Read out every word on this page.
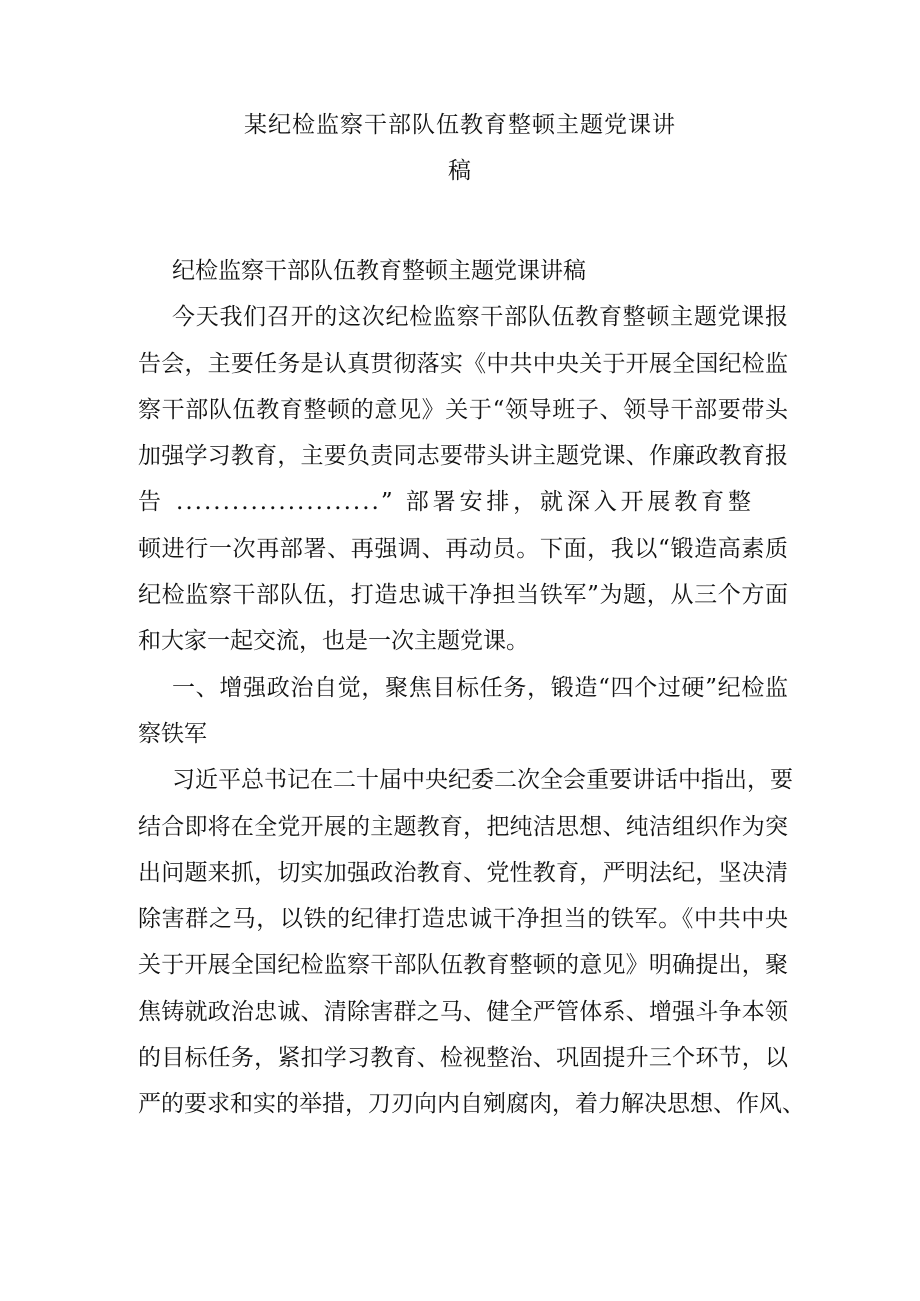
某纪检监察干部队伍教育整顿主题党课讲
稿
纪检监察干部队伍教育整顿主题党课讲稿
今天我们召开的这次纪检监察干部队伍教育整顿主题党课报
告会，主要任务是认真贯彻落实《中共中央关于开展全国纪检监
察干部队伍教育整顿的意见》关于“领导班子、领导干部要带头
加强学习教育，主要负责同志要带头讲主题党课、作廉政教育报
告 ......................” 部署安排，就深入开展教育整
顿进行一次再部署、再强调、再动员。下面，我以“锻造高素质
纪检监察干部队伍，打造忠诚干净担当铁军”为题，从三个方面
和大家一起交流，也是一次主题党课。
一、增强政治自觉，聚焦目标任务，锻造“四个过硬”纪检监
察铁军
习近平总书记在二十届中央纪委二次全会重要讲话中指出，要
结合即将在全党开展的主题教育，把纯洁思想、纯洁组织作为突
出问题来抓，切实加强政治教育、党性教育，严明法纪，坚决清
除害群之马，以铁的纪律打造忠诚干净担当的铁军。《中共中央
关于开展全国纪检监察干部队伍教育整顿的意见》明确提出，聚
焦铸就政治忠诚、清除害群之马、健全严管体系、增强斗争本领
的目标任务，紧扣学习教育、检视整治、巩固提升三个环节，以
严的要求和实的举措，刀刃向内自剜腐肉，着力解决思想、作风、
